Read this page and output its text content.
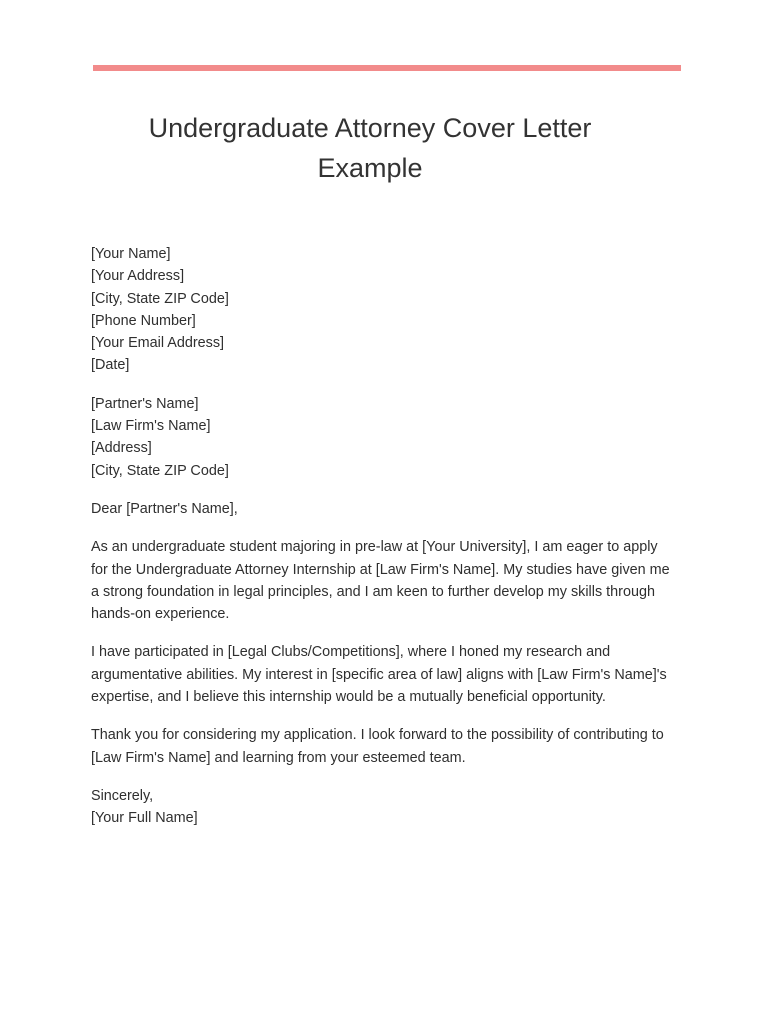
Undergraduate Attorney Cover Letter Example
[Your Name]
[Your Address]
[City, State ZIP Code]
[Phone Number]
[Your Email Address]
[Date]
[Partner's Name]
[Law Firm's Name]
[Address]
[City, State ZIP Code]

Dear [Partner's Name],

As an undergraduate student majoring in pre-law at [Your University], I am eager to apply for the Undergraduate Attorney Internship at [Law Firm's Name]. My studies have given me a strong foundation in legal principles, and I am keen to further develop my skills through hands-on experience.

I have participated in [Legal Clubs/Competitions], where I honed my research and argumentative abilities. My interest in [specific area of law] aligns with [Law Firm's Name]'s expertise, and I believe this internship would be a mutually beneficial opportunity.

Thank you for considering my application. I look forward to the possibility of contributing to [Law Firm's Name] and learning from your esteemed team.

Sincerely,
[Your Full Name]
